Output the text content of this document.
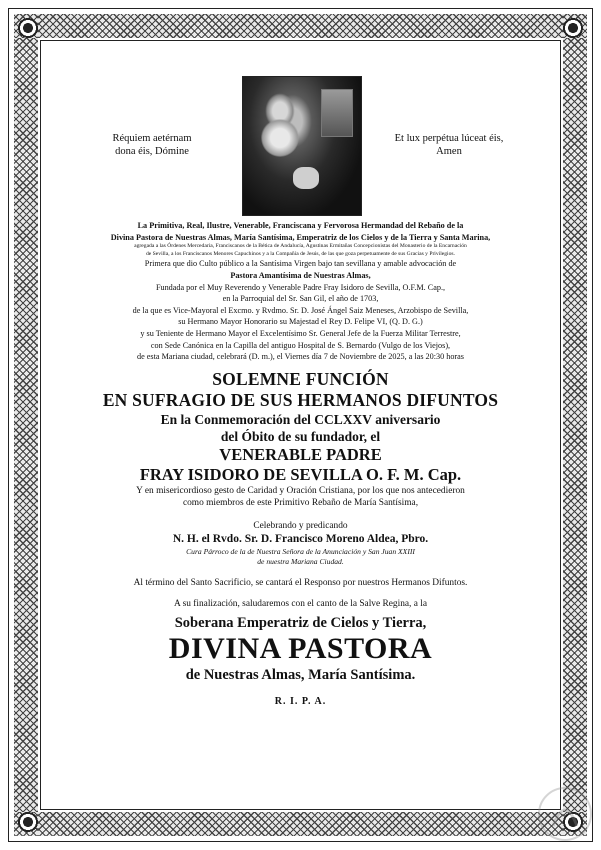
Réquiem aetérnam
dona éis, Dómine
Et lux perpétua lúceat éis,
Amen
La Primitiva, Real, Ilustre, Venerable, Franciscana y Fervorosa Hermandad del Rebaño de la
Divina Pastora de Nuestras Almas, María Santísima, Emperatriz de los Cielos y de la Tierra y Santa Marina,
agregada a las Órdenes Mercedaria, Franciscanos de la Bética de Andalucía, Agustinas Ermitañas Concepcionistas del Monasterio de la Encarnación
de Sevilla, a los Franciscanos Menores Capuchinos y a la Compañía de Jesús, de las que goza perpetuamente de sus Gracias y Privilegios.
Primera que dio Culto público a la Santísima Virgen bajo tan sevillana y amable advocación de
Pastora Amantísima de Nuestras Almas,
Fundada por el Muy Reverendo y Venerable Padre Fray Isidoro de Sevilla, O.F.M. Cap.,
en la Parroquial del Sr. San Gil, el año de 1703,
de la que es Vice-Mayoral el Excmo. y Rvdmo. Sr. D. José Ángel Saiz Meneses, Arzobispo de Sevilla,
su Hermano Mayor Honorario su Majestad el Rey D. Felipe VI, (Q. D. G.)
y su Teniente de Hermano Mayor el Excelentísimo Sr. General Jefe de la Fuerza Militar Terrestre,
con Sede Canónica en la Capilla del antiguo Hospital de S. Bernardo (Vulgo de los Viejos),
de esta Mariana ciudad, celebrará (D. m.), el Viernes día 7 de Noviembre de 2025, a las 20:30 horas
SOLEMNE FUNCIÓN
EN SUFRAGIO DE SUS HERMANOS DIFUNTOS
En la Conmemoración del CCLXXV aniversario
del Óbito de su fundador, el
VENERABLE PADRE
FRAY ISIDORO DE SEVILLA O. F. M. Cap.
Y en misericordioso gesto de Caridad y Oración Cristiana, por los que nos antecedieron
como miembros de este Primitivo Rebaño de María Santísima,
Celebrando y predicando
N. H. el Rvdo. Sr. D. Francisco Moreno Aldea, Pbro.
Cura Párroco de la de Nuestra Señora de la Anunciación y San Juan XXIII
de nuestra Mariana Ciudad.
Al término del Santo Sacrificio, se cantará el Responso por nuestros Hermanos Difuntos.
A su finalización, saludaremos con el canto de la Salve Regina, a la
Soberana Emperatriz de Cielos y Tierra,
DIVINA PASTORA
de Nuestras Almas, María Santísima.
R. I. P. A.
